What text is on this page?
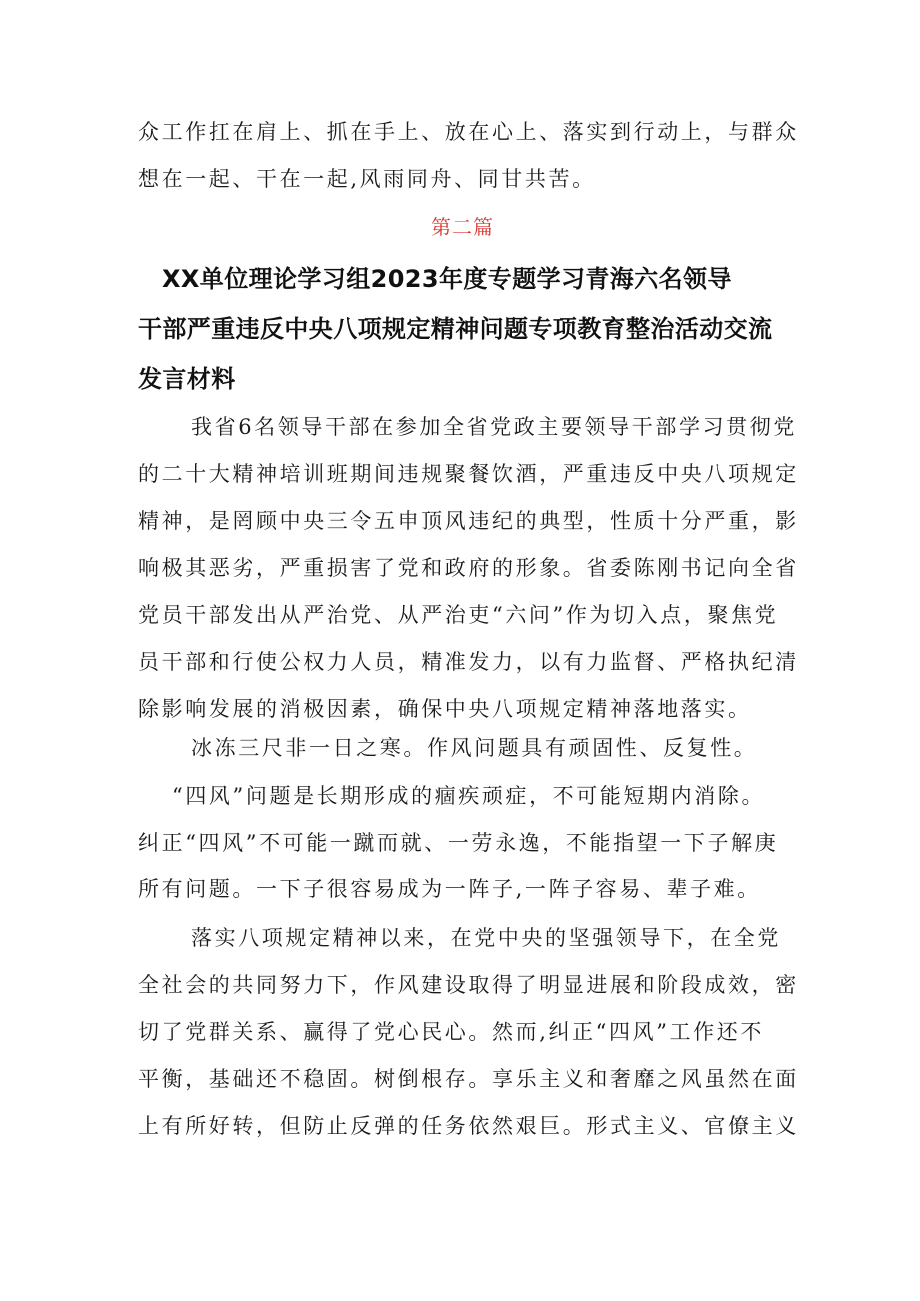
众工作扛在肩上、抓在手上、放在心上、落实到行动上，与群众
想在一起、干在一起,风雨同舟、同甘共苦。
第二篇
XX单位理论学习组2023年度专题学习青海六名领导
干部严重违反中央八项规定精神问题专项教育整治活动交流
发言材料
我省6名领导干部在参加全省党政主要领导干部学习贯彻党
的二十大精神培训班期间违规聚餐饮酒，严重违反中央八项规定
精神，是罔顾中央三令五申顶风违纪的典型，性质十分严重，影
响极其恶劣，严重损害了党和政府的形象。省委陈刚书记向全省
党员干部发出从严治党、从严治吏“六问”作为切入点，聚焦党
员干部和行使公权力人员，精准发力，以有力监督、严格执纪清
除影响发展的消极因素，确保中央八项规定精神落地落实。
冰冻三尺非一日之寒。作风问题具有顽固性、反复性。
“四风”问题是长期形成的痼疾顽症，不可能短期内消除。
纠正“四风”不可能一蹴而就、一劳永逸，不能指望一下子解庚
所有问题。一下子很容易成为一阵子,一阵子容易、辈子难。
落实八项规定精神以来，在党中央的坚强领导下，在全党
全社会的共同努力下，作风建设取得了明显进展和阶段成效，密
切了党群关系、赢得了党心民心。然而,纠正“四风”工作还不
平衡，基础还不稳固。树倒根存。享乐主义和奢靡之风虽然在面
上有所好转，但防止反弹的任务依然艰巨。形式主义、官僚主义
